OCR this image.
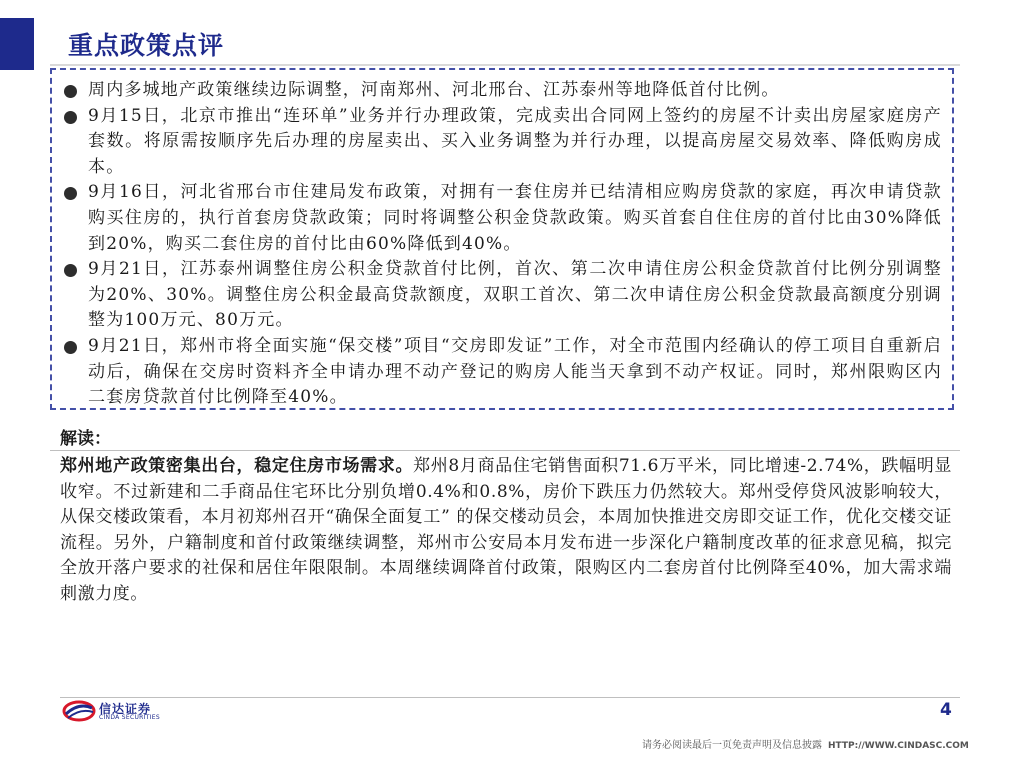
重点政策点评
周内多城地产政策继续边际调整，河南郑州、河北邢台、江苏泰州等地降低首付比例。
9月15日，北京市推出“连环单”业务并行办理政策，完成卖出合同网上签约的房屋不计卖出房屋家庭房产套数。将原需按顺序先后办理的房屋卖出、买入业务调整为并行办理，以提高房屋交易效率、降低购房成本。
9月16日，河北省邢台市住建局发布政策，对拥有一套住房并已结清相应购房贷款的家庭，再次申请贷款购买住房的，执行首套房贷款政策；同时将调整公积金贷款政策。购买首套自住住房的首付比由30%降低到20%，购买二套住房的首付比由60%降低到40%。
9月21日，江苏泰州调整住房公积金贷款首付比例，首次、第二次申请住房公积金贷款首付比例分别调整为20%、30%。调整住房公积金最高贷款额度，双职工首次、第二次申请住房公积金贷款最高额度分别调整为100万元、80万元。
9月21日，郑州市将全面实施“保交楼”项目“交房即发证”工作，对全市范围内经确认的停工项目自重新启动后，确保在交房时资料齐全申请办理不动产登记的购房人能当天拿到不动产权证。同时，郑州限购区内二套房贷款首付比例降至40%。
解读：
郑州地产政策密集出台，稳定住房市场需求。郑州8月商品住宅销售面积71.6万平米，同比增速-2.74%，跌幅明显收窄。不过新建和二手商品住宅环比分别负增0.4%和0.8%，房价下跌压力仍然较大。郑州受停贷风波影响较大，从保交楼政策看，本月初郑州召开“确保全面复工” 的保交楼动员会，本周加快推进交房即交证工作，优化交楼交证流程。另外，户籍制度和首付政策继续调整，郑州市公安局本月发布进一步深化户籍制度改革的征求意见稿，拟完全放开落户要求的社保和居住年限限制。本周继续调降首付政策，限购区内二套房首付比例降至40%，加大需求端刺激力度。
信达证券
CINDA SECURITIES	4
请务必阅读最后一页免责声明及信息披露 HTTP://WWW.CINDASC.COM
